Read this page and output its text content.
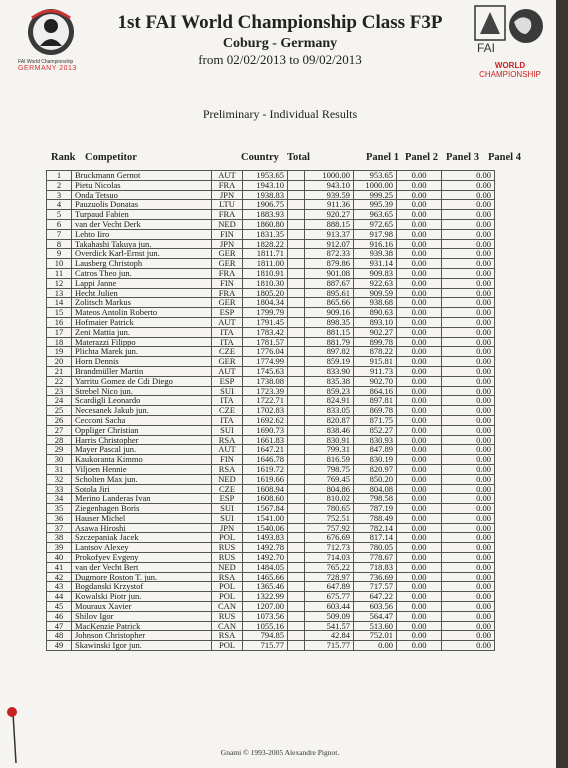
FAI World Championship
GERMANY 2013
1st FAI World Championship Class F3P
Coburg - Germany
from 02/02/2013 to 09/02/2013
FAI
WORLD
CHAMPIONSHIP
Preliminary - Individual Results
Rank Competitor	Country Total	Panel 1 Panel 2 Panel 3 Panel 4
1	Bruckmann Gernot	AUT	1953.65		1000.00	953.65	0.00	0.00
2	Pietu Nicolas	FRA	1943.10		943.10	1000.00	0.00	0.00
3	Onda Tetsuo	JPN	1938.83		939.59	999.25	0.00	0.00
4	Pauzuolis Donatas	LTU	1906.75		911.36	995.39	0.00	0.00
5	Turpaud Fabien	FRA	1883.93		920.27	963.65	0.00	0.00
6	van der Vecht Derk	NED	1860.80		888.15	972.65	0.00	0.00
7	Lehto Iiro	FIN	1831.35		913.37	917.98	0.00	0.00
8	Takahashi Takuya jun.	JPN	1828.22		912.07	916.16	0.00	0.00
9	Overdick Karl-Ernst jun.	GER	1811.71		872.33	939.38	0.00	0.00
10	Lausberg Christoph	GER	1811.00		879.86	931.14	0.00	0.00
11	Catros Theo jun.	FRA	1810.91		901.08	909.83	0.00	0.00
12	Lappi Janne	FIN	1810.30		887.67	922.63	0.00	0.00
13	Hecht Julien	FRA	1805.20		895.61	909.59	0.00	0.00
14	Zolitsch Markus	GER	1804.34		865.66	938.68	0.00	0.00
15	Mateos Antolin Roberto	ESP	1799.79		909.16	890.63	0.00	0.00
16	Hofmaier Patrick	AUT	1791.45		898.35	893.10	0.00	0.00
17	Zeni Mattia jun.	ITA	1783.42		881.15	902.27	0.00	0.00
18	Materazzi Filippo	ITA	1781.57		881.79	899.78	0.00	0.00
19	Plichta Marek jun.	CZE	1776.04		897.82	878.22	0.00	0.00
20	Horn Dennis	GER	1774.99		859.19	915.81	0.00	0.00
21	Brandmüller Martin	AUT	1745.63		833.90	911.73	0.00	0.00
22	Yarritu Gomez de Cdi Diego	ESP	1738.08		835.38	902.70	0.00	0.00
23	Strebel Nico jun.	SUI	1723.39		859.23	864.16	0.00	0.00
24	Scardigli Leonardo	ITA	1722.71		824.91	897.81	0.00	0.00
25	Necesanek Jakub jun.	CZE	1702.83		833.05	869.78	0.00	0.00
26	Cecconi Sacha	ITA	1692.62		820.87	871.75	0.00	0.00
27	Oppliger Christian	SUI	1690.73		838.46	852.27	0.00	0.00
28	Harris Christopher	RSA	1661.83		830.91	830.93	0.00	0.00
29	Mayer Pascal jun.	AUT	1647.21		799.31	847.89	0.00	0.00
30	Kaukoranta Kimmo	FIN	1646.78		816.59	830.19	0.00	0.00
31	Viljoen Hennie	RSA	1619.72		798.75	820.97	0.00	0.00
32	Scholten Max jun.	NED	1619.66		769.45	850.20	0.00	0.00
33	Sotola Jiri	CZE	1608.94		804.86	804.08	0.00	0.00
34	Merino Landeras Ivan	ESP	1608.60		810.02	798.58	0.00	0.00
35	Ziegenhagen Boris	SUI	1567.84		780.65	787.19	0.00	0.00
36	Hauser Michel	SUI	1541.00		752.51	788.49	0.00	0.00
37	Asawa Hiroshi	JPN	1540.06		757.92	782.14	0.00	0.00
38	Szczepaniak Jacek	POL	1493.83		676.69	817.14	0.00	0.00
39	Lantsov Alexey	RUS	1492.78		712.73	780.05	0.00	0.00
40	Prokofyev Evgeny	RUS	1492.70		714.03	778.67	0.00	0.00
41	van der Vecht Bert	NED	1484.05		765.22	718.83	0.00	0.00
42	Dugmore Roston T. jun.	RSA	1465.66		728.97	736.69	0.00	0.00
43	Bogdanski Krzystof	POL	1365.46		647.89	717.57	0.00	0.00
44	Kowalski Piotr jun.	POL	1322.99		675.77	647.22	0.00	0.00
45	Mouraux Xavier	CAN	1207.00		603.44	603.56	0.00	0.00
46	Shilov Igor	RUS	1073.56		509.09	564.47	0.00	0.00
47	MacKenzie Patrick	CAN	1055.16		541.57	513.60	0.00	0.00
48	Johnson Christopher	RSA	794.85		42.84	752.01	0.00	0.00
49	Skawinski Igor jun.	POL	715.77		715.77	0.00	0.00	0.00
Gnami © 1993-2005 Alexandre Pignot.
